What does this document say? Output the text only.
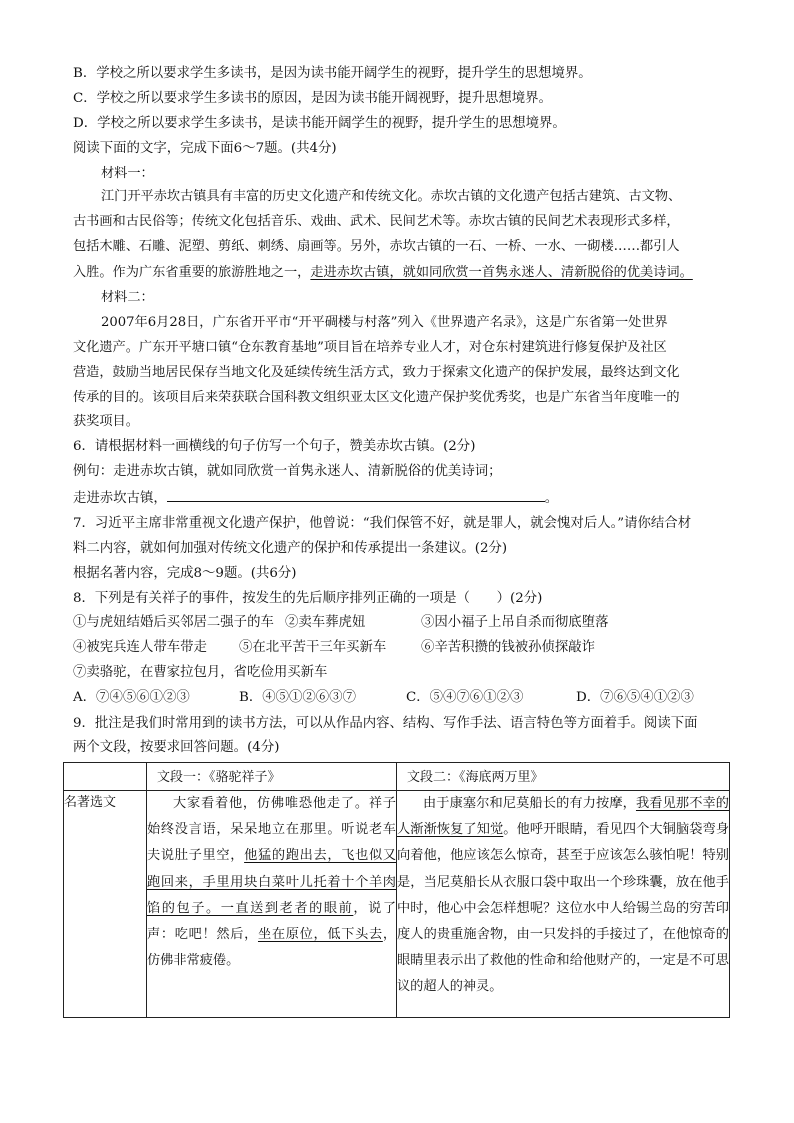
B．学校之所以要求学生多读书，是因为读书能开阔学生的视野，提升学生的思想境界。
C．学校之所以要求学生多读书的原因，是因为读书能开阔视野，提升思想境界。
D．学校之所以要求学生多读书，是读书能开阔学生的视野，提升学生的思想境界。
阅读下面的文字，完成下面6～7题。(共4分)
材料一：
江门开平赤坎古镇具有丰富的历史文化遗产和传统文化。赤坎古镇的文化遗产包括古建筑、古文物、
古书画和古民俗等；传统文化包括音乐、戏曲、武术、民间艺术等。赤坎古镇的民间艺术表现形式多样，
包括木雕、石雕、泥塑、剪纸、刺绣、扇画等。另外，赤坎古镇的一石、一桥、一水、一砌楼……都引人
入胜。作为广东省重要的旅游胜地之一，走进赤坎古镇，就如同欣赏一首隽永迷人、清新脱俗的优美诗词。
材料二：
2007年6月28日，广东省开平市“开平碉楼与村落”列入《世界遗产名录》，这是广东省第一处世界
文化遗产。广东开平塘口镇“仓东教育基地”项目旨在培养专业人才，对仓东村建筑进行修复保护及社区
营造，鼓励当地居民保存当地文化及延续传统生活方式，致力于探索文化遗产的保护发展，最终达到文化
传承的目的。该项目后来荣获联合国科教文组织亚太区文化遗产保护奖优秀奖，也是广东省当年度唯一的
获奖项目。
6．请根据材料一画横线的句子仿写一个句子，赞美赤坎古镇。(2分)
例句：走进赤坎古镇，就如同欣赏一首隽永迷人、清新脱俗的优美诗词；
走进赤坎古镇，	。
7．习近平主席非常重视文化遗产保护，他曾说：“我们保管不好，就是罪人，就会愧对后人。”请你结合材
料二内容，就如何加强对传统文化遗产的保护和传承提出一条建议。(2分)
根据名著内容，完成8～9题。(共6分)
8．下列是有关祥子的事件，按发生的先后顺序排列正确的一项是（　　）(2分)
①与虎妞结婚后买邻居二强子的车 ②卖车葬虎妞	③因小福子上吊自杀而彻底堕落
④被宪兵连人带车带走 ⑤在北平苦干三年买新车	⑥辛苦积攒的钱被孙侦探敲诈
⑦卖骆驼，在曹家拉包月，省吃俭用买新车
A．⑦④⑤⑥①②③	B．④⑤①②⑥③⑦	C．⑤④⑦⑥①②③	D．⑦⑥⑤④①②③
9．批注是我们时常用到的读书方法，可以从作品内容、结构、写作手法、语言特色等方面着手。阅读下面
两个文段，按要求回答问题。(4分)
	文段一：《骆驼祥子》	文段二：《海底两万里》
名著选文	大家看着他，仿佛唯恐他走了。祥子始终没言语，呆呆地立在那里。听说老车夫说肚子里空，他猛的跑出去，飞也似又跑回来，手里用块白菜叶儿托着十个羊肉馅的包子。一直送到老者的眼前，说了声：吃吧！然后，坐在原位，低下头去，仿佛非常疲倦。	由于康塞尔和尼莫船长的有力按摩，我看见那不幸的人渐渐恢复了知觉。他呼开眼睛，看见四个大铜脑袋弯身向着他，他应该怎么惊奇，甚至于应该怎么骇怕呢！特别是，当尼莫船长从衣服口袋中取出一个珍珠囊，放在他手中时，他心中会怎样想呢？这位水中人给锡兰岛的穷苦印度人的贵重施舍物，由一只发抖的手接过了，在他惊奇的眼睛里表示出了救他的性命和给他财产的，一定是不可思议的超人的神灵。
